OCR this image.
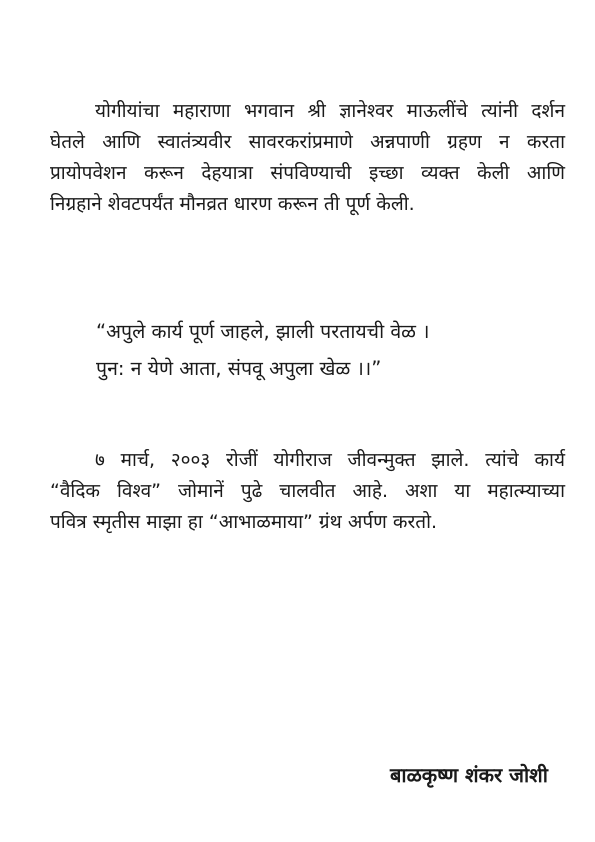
योगीयांचा महाराणा भगवान श्री ज्ञानेश्वर माऊलींचे त्यांनी दर्शन
घेतले आणि स्वातंत्र्यवीर सावरकरांप्रमाणे अन्नपाणी ग्रहण न करता
प्रायोपवेशन करून देहयात्रा संपविण्याची इच्छा व्यक्त केली आणि
निग्रहाने शेवटपर्यंत मौनव्रत धारण करून ती पूर्ण केली.

“अपुले कार्य पूर्ण जाहले, झाली परतायची वेळ ।
पुन: न येणे आता, संपवू अपुला खेळ ।।”

७ मार्च, २००३ रोजीं योगीराज जीवन्मुक्त झाले. त्यांचे कार्य
“वैदिक विश्व” जोमानें पुढे चालवीत आहे. अशा या महात्म्याच्या
पवित्र स्मृतीस माझा हा “आभाळमाया” ग्रंथ अर्पण करतो.

बाळकृष्ण शंकर जोशी
